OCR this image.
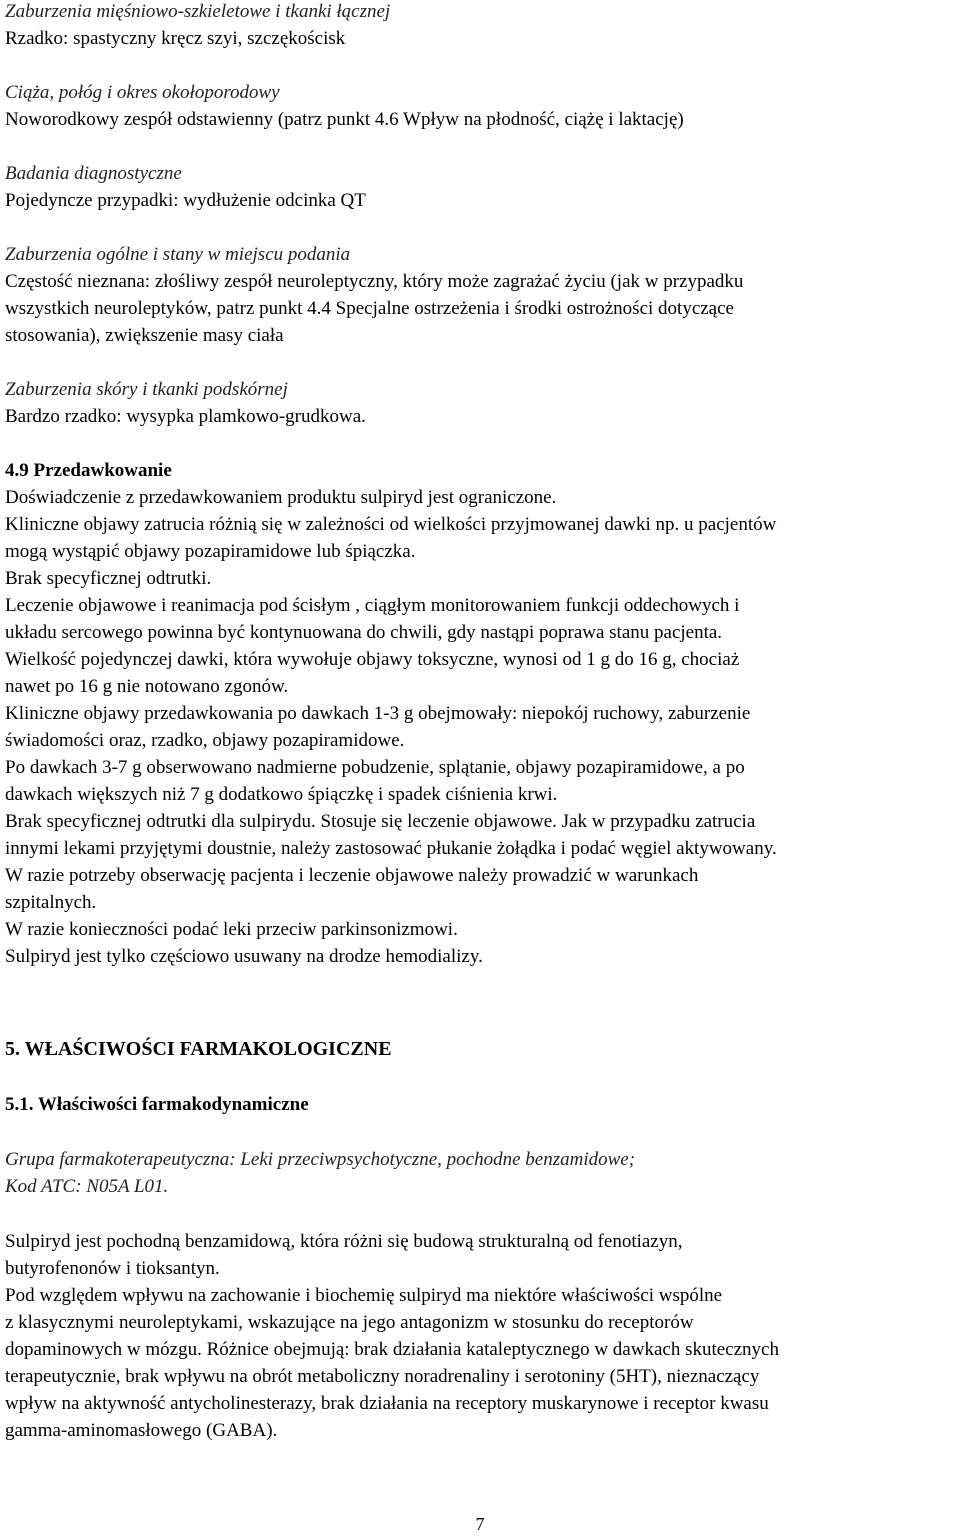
Zaburzenia mięśniowo-szkieletowe i tkanki łącznej
Rzadko: spastyczny kręcz szyi, szczękościsk
Ciąża, połóg i okres okołoporodowy
Noworodkowy zespół odstawienny (patrz punkt 4.6 Wpływ na płodność, ciążę i laktację)
Badania diagnostyczne
Pojedyncze przypadki: wydłużenie odcinka QT
Zaburzenia ogólne i stany w miejscu podania
Częstość nieznana: złośliwy zespół neuroleptyczny, który może zagrażać życiu (jak w przypadku
wszystkich neuroleptyków, patrz punkt 4.4 Specjalne ostrzeżenia i środki ostrożności dotyczące
stosowania), zwiększenie masy ciała
Zaburzenia skóry i tkanki podskórnej
Bardzo rzadko: wysypka plamkowo-grudkowa.
4.9 Przedawkowanie
Doświadczenie z przedawkowaniem produktu sulpiryd jest ograniczone.
Kliniczne objawy zatrucia różnią się w zależności od wielkości przyjmowanej dawki np. u pacjentów
mogą wystąpić objawy pozapiramidowe lub śpiączka.
Brak specyficznej odtrutki.
Leczenie objawowe i reanimacja pod ścisłym , ciągłym monitorowaniem funkcji oddechowych i
układu sercowego powinna być kontynuowana do chwili, gdy nastąpi poprawa stanu pacjenta.
Wielkość pojedynczej dawki, która wywołuje objawy toksyczne, wynosi od 1 g do 16 g, chociaż
nawet po 16 g nie notowano zgonów.
Kliniczne objawy przedawkowania po dawkach 1-3 g obejmowały: niepokój ruchowy, zaburzenie
świadomości oraz, rzadko, objawy pozapiramidowe.
Po dawkach 3-7 g obserwowano nadmierne pobudzenie, splątanie, objawy pozapiramidowe, a po
dawkach większych niż 7 g dodatkowo śpiączkę i spadek ciśnienia krwi.
Brak specyficznej odtrutki dla sulpirydu. Stosuje się leczenie objawowe. Jak w przypadku zatrucia
innymi lekami przyjętymi doustnie, należy zastosować płukanie żołądka i podać węgiel aktywowany.
W razie potrzeby obserwację pacjenta i leczenie objawowe należy prowadzić w warunkach
szpitalnych.
W razie konieczności podać leki przeciw parkinsonizmowi.
Sulpiryd jest tylko częściowo usuwany na drodze hemodializy.
5. WŁAŚCIWOŚCI FARMAKOLOGICZNE
5.1. Właściwości farmakodynamiczne
Grupa farmakoterapeutyczna: Leki przeciwpsychotyczne, pochodne benzamidowe;
Kod ATC: N05A L01.
Sulpiryd jest pochodną benzamidową, która różni się budową strukturalną od fenotiazyn,
butyrofenonów i tioksantyn.
Pod względem wpływu na zachowanie i biochemię sulpiryd ma niektóre właściwości wspólne
z klasycznymi neuroleptykami, wskazujące na jego antagonizm w stosunku do receptorów
dopaminowych w mózgu. Różnice obejmują: brak działania kataleptycznego w dawkach skutecznych
terapeutycznie, brak wpływu na obrót metaboliczny noradrenaliny i serotoniny (5HT), nieznaczący
wpływ na aktywność antycholinesterazy, brak działania na receptory muskarynowe i receptor kwasu
gamma-aminomasłowego (GABA).
7
